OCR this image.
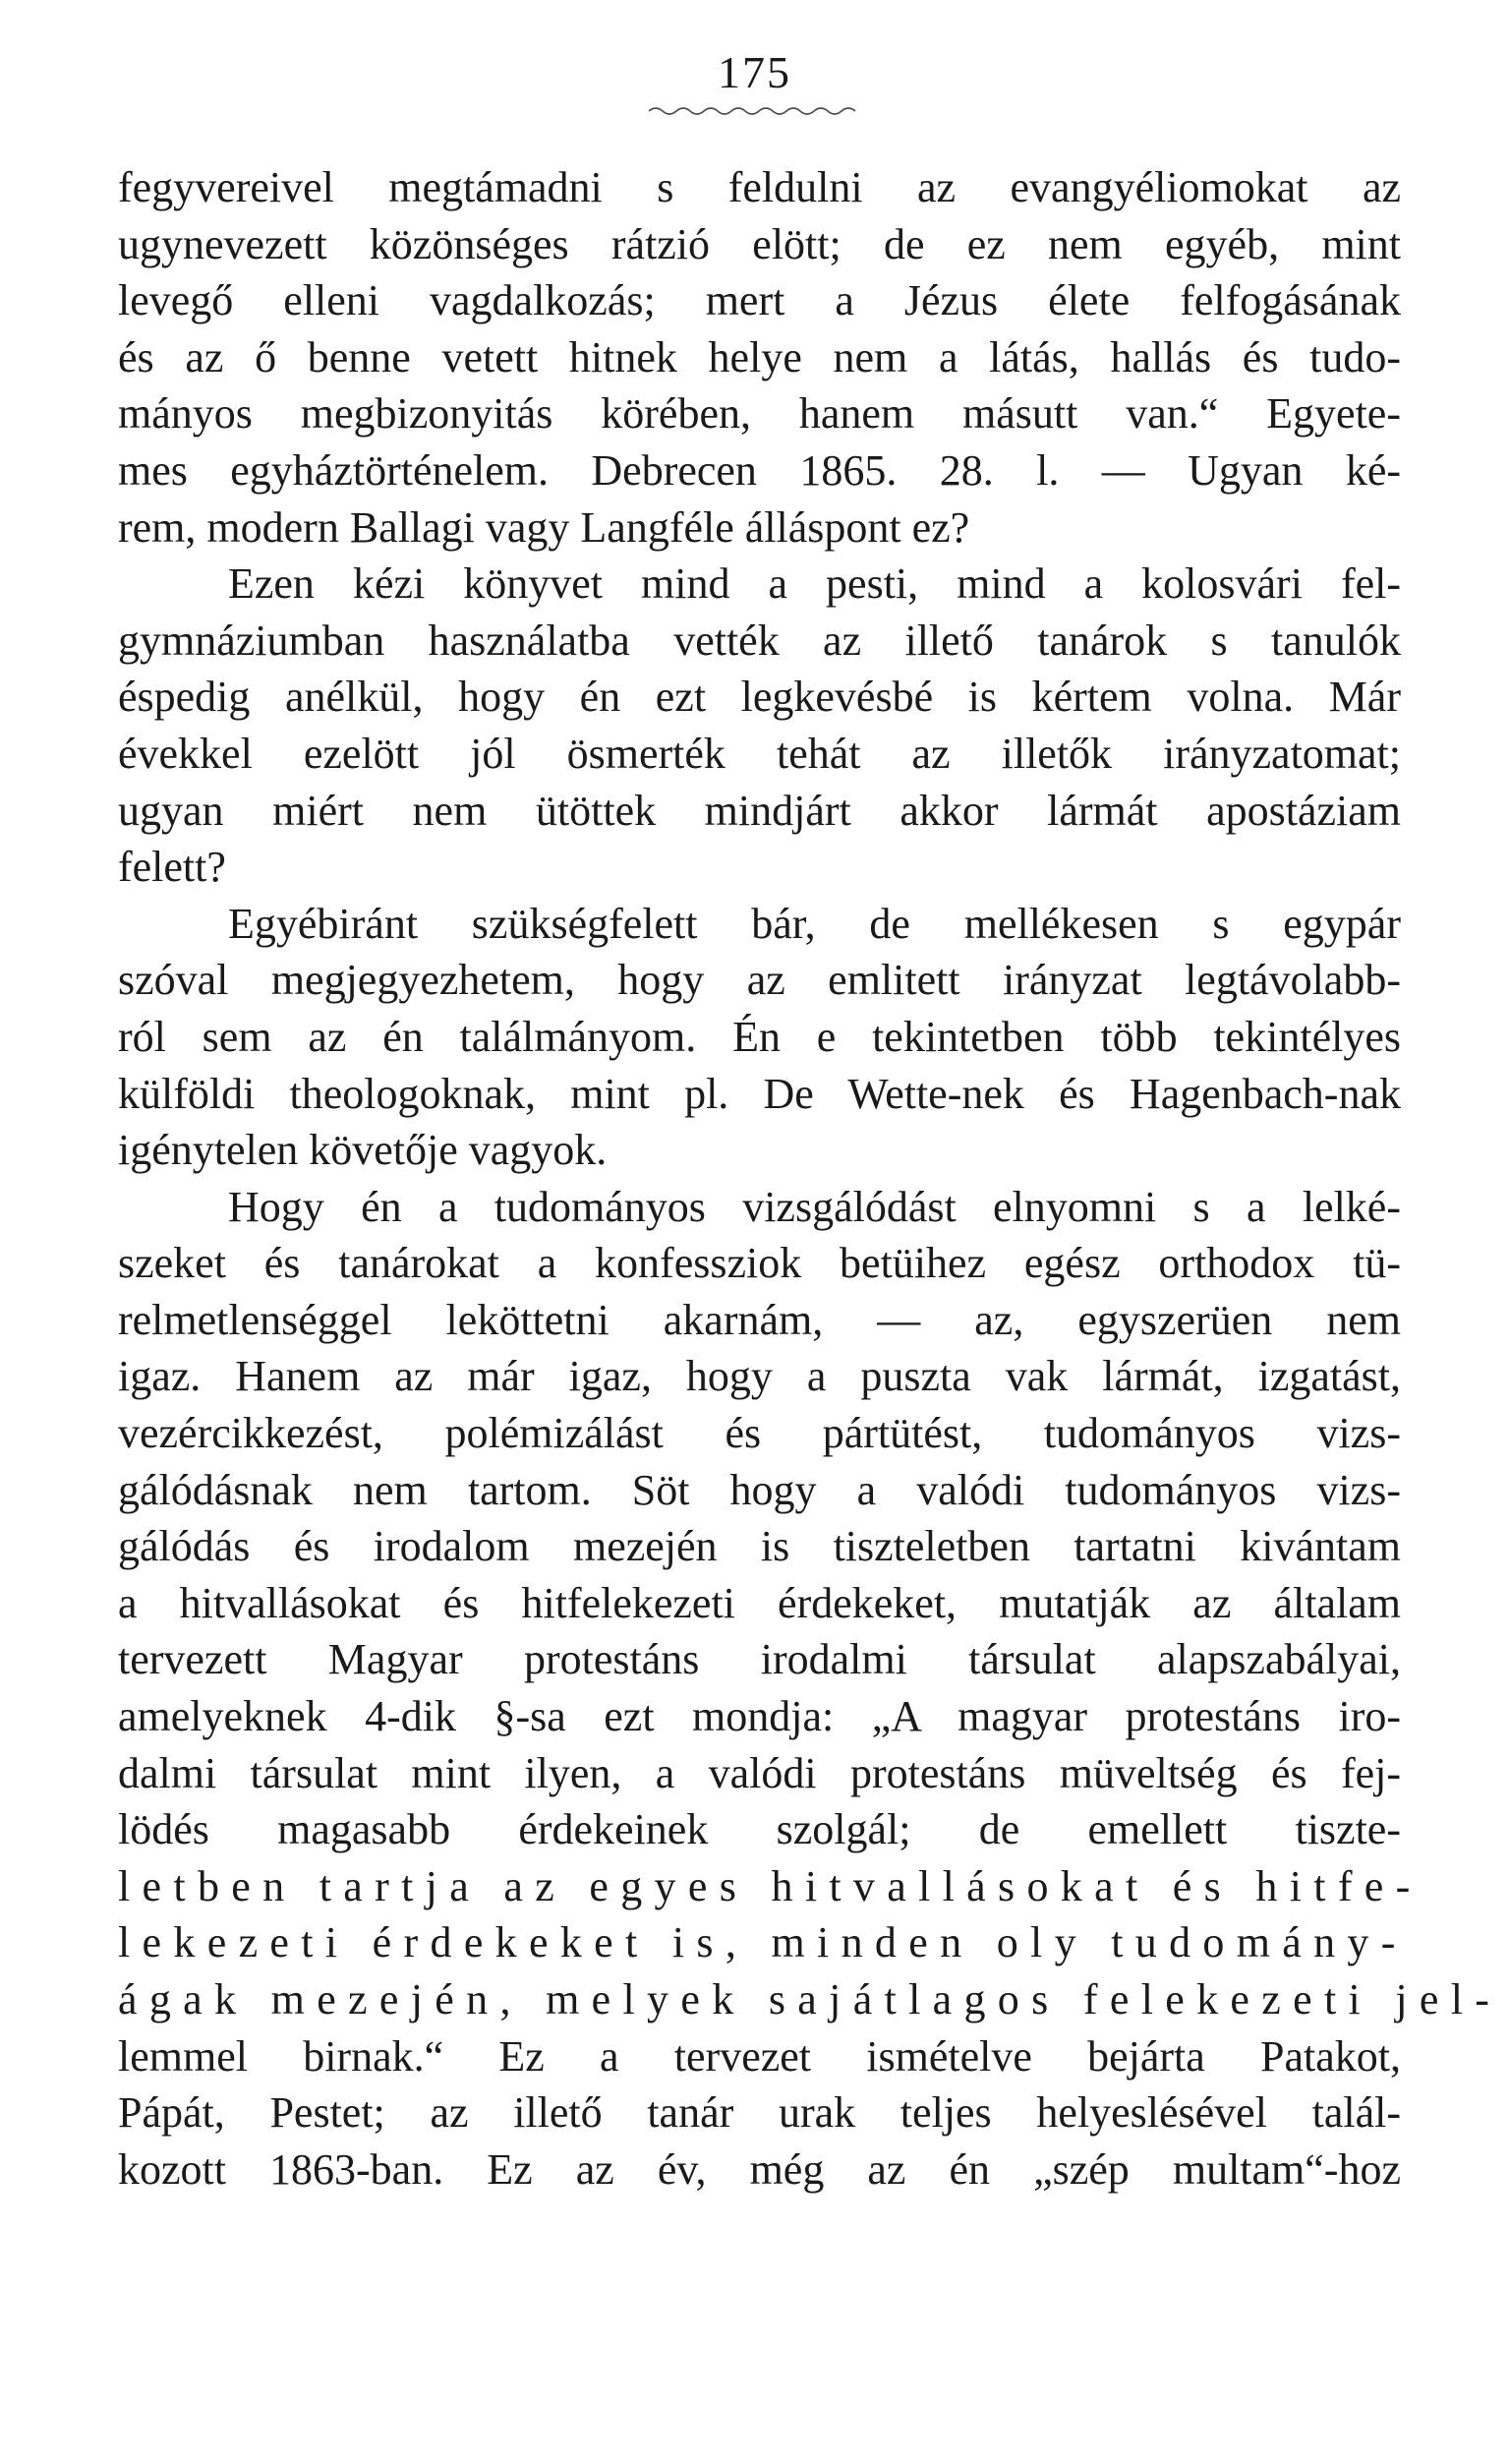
175
fegyvereivel megtámadni s feldulni az evangyéliomokat az
ugynevezett közönséges rátzió elött; de ez nem egyéb, mint
levegő elleni vagdalkozás; mert a Jézus élete felfogásának
és az ő benne vetett hitnek helye nem a látás, hallás és tudo-
mányos megbizonyitás körében, hanem másutt van.“ Egyete-
mes egyháztörténelem. Debrecen 1865. 28. l. — Ugyan ké-
rem, modern Ballagi vagy Langféle álláspont ez?
Ezen kézi könyvet mind a pesti, mind a kolosvári fel-
gymnáziumban használatba vették az illető tanárok s tanulók
éspedig anélkül, hogy én ezt legkevésbé is kértem volna. Már
évekkel ezelött jól ösmerték tehát az illetők irányzatomat;
ugyan miért nem ütöttek mindjárt akkor lármát apostáziam
felett?
Egyébiránt szükségfelett bár, de mellékesen s egypár
szóval megjegyezhetem, hogy az emlitett irányzat legtávolabb-
ról sem az én találmányom. Én e tekintetben több tekintélyes
külföldi theologoknak, mint pl. De Wette-nek és Hagenbach-nak
igénytelen követője vagyok.
Hogy én a tudományos vizsgálódást elnyomni s a lelké-
szeket és tanárokat a konfessziok betüihez egész orthodox tü-
relmetlenséggel leköttetni akarnám, — az, egyszerüen nem
igaz. Hanem az már igaz, hogy a puszta vak lármát, izgatást,
vezércikkezést, polémizálást és pártütést, tudományos vizs-
gálódásnak nem tartom. Söt hogy a valódi tudományos vizs-
gálódás és irodalom mezején is tiszteletben tartatni kivántam
a hitvallásokat és hitfelekezeti érdekeket, mutatják az általam
tervezett Magyar protestáns irodalmi társulat alapszabályai,
amelyeknek 4-dik §-sa ezt mondja: „A magyar protestáns iro-
dalmi társulat mint ilyen, a valódi protestáns müveltség és fej-
lödés magasabb érdekeinek szolgál; de emellett tiszte-
letben tartja az egyes hitvallásokat és hitfe-
lekezeti érdekeket is, minden oly tudomány-
ágak mezején, melyek sajátlagos felekezeti jel-
lemmel birnak.“ Ez a tervezet ismételve bejárta Patakot,
Pápát, Pestet; az illető tanár urak teljes helyeslésével talál-
kozott 1863-ban. Ez az év, még az én „szép multam“-hoz
